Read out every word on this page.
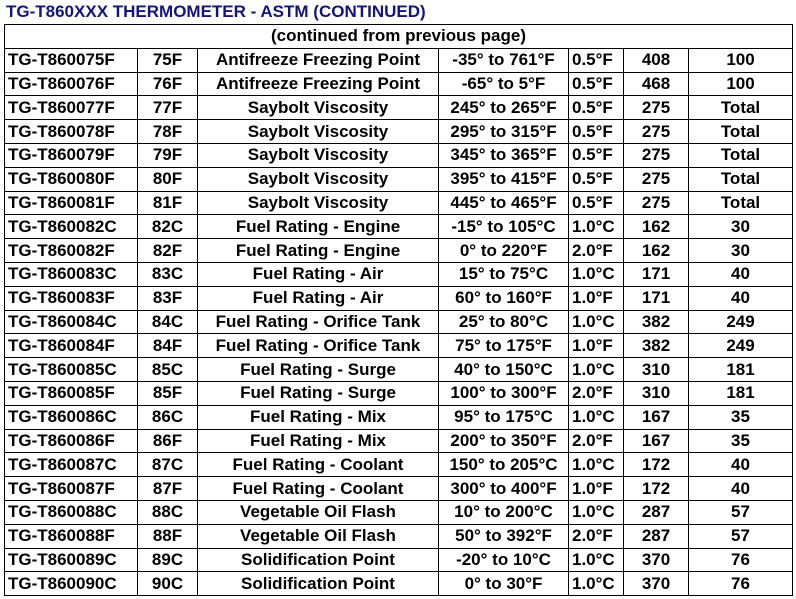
TG-T860XXX THERMOMETER - ASTM (CONTINUED)
(continued from previous page)						
TG-T860075F	75F	Antifreeze Freezing Point	-35° to 761°F	0.5°F	408	100
TG-T860076F	76F	Antifreeze Freezing Point	-65° to 5°F	0.5°F	468	100
TG-T860077F	77F	Saybolt Viscosity	245° to 265°F	0.5°F	275	Total
TG-T860078F	78F	Saybolt Viscosity	295° to 315°F	0.5°F	275	Total
TG-T860079F	79F	Saybolt Viscosity	345° to 365°F	0.5°F	275	Total
TG-T860080F	80F	Saybolt Viscosity	395° to 415°F	0.5°F	275	Total
TG-T860081F	81F	Saybolt Viscosity	445° to 465°F	0.5°F	275	Total
TG-T860082C	82C	Fuel Rating - Engine	-15° to 105°C	1.0°C	162	30
TG-T860082F	82F	Fuel Rating - Engine	0° to 220°F	2.0°F	162	30
TG-T860083C	83C	Fuel Rating - Air	15° to 75°C	1.0°C	171	40
TG-T860083F	83F	Fuel Rating - Air	60° to 160°F	1.0°F	171	40
TG-T860084C	84C	Fuel Rating - Orifice Tank	25° to 80°C	1.0°C	382	249
TG-T860084F	84F	Fuel Rating - Orifice Tank	75° to 175°F	1.0°F	382	249
TG-T860085C	85C	Fuel Rating - Surge	40° to 150°C	1.0°C	310	181
TG-T860085F	85F	Fuel Rating - Surge	100° to 300°F	2.0°F	310	181
TG-T860086C	86C	Fuel Rating - Mix	95° to 175°C	1.0°C	167	35
TG-T860086F	86F	Fuel Rating - Mix	200° to 350°F	2.0°F	167	35
TG-T860087C	87C	Fuel Rating - Coolant	150° to 205°C	1.0°C	172	40
TG-T860087F	87F	Fuel Rating - Coolant	300° to 400°F	1.0°F	172	40
TG-T860088C	88C	Vegetable Oil Flash	10° to 200°C	1.0°C	287	57
TG-T860088F	88F	Vegetable Oil Flash	50° to 392°F	2.0°F	287	57
TG-T860089C	89C	Solidification Point	-20° to 10°C	1.0°C	370	76
TG-T860090C	90C	Solidification Point	0° to 30°F	1.0°C	370	76
